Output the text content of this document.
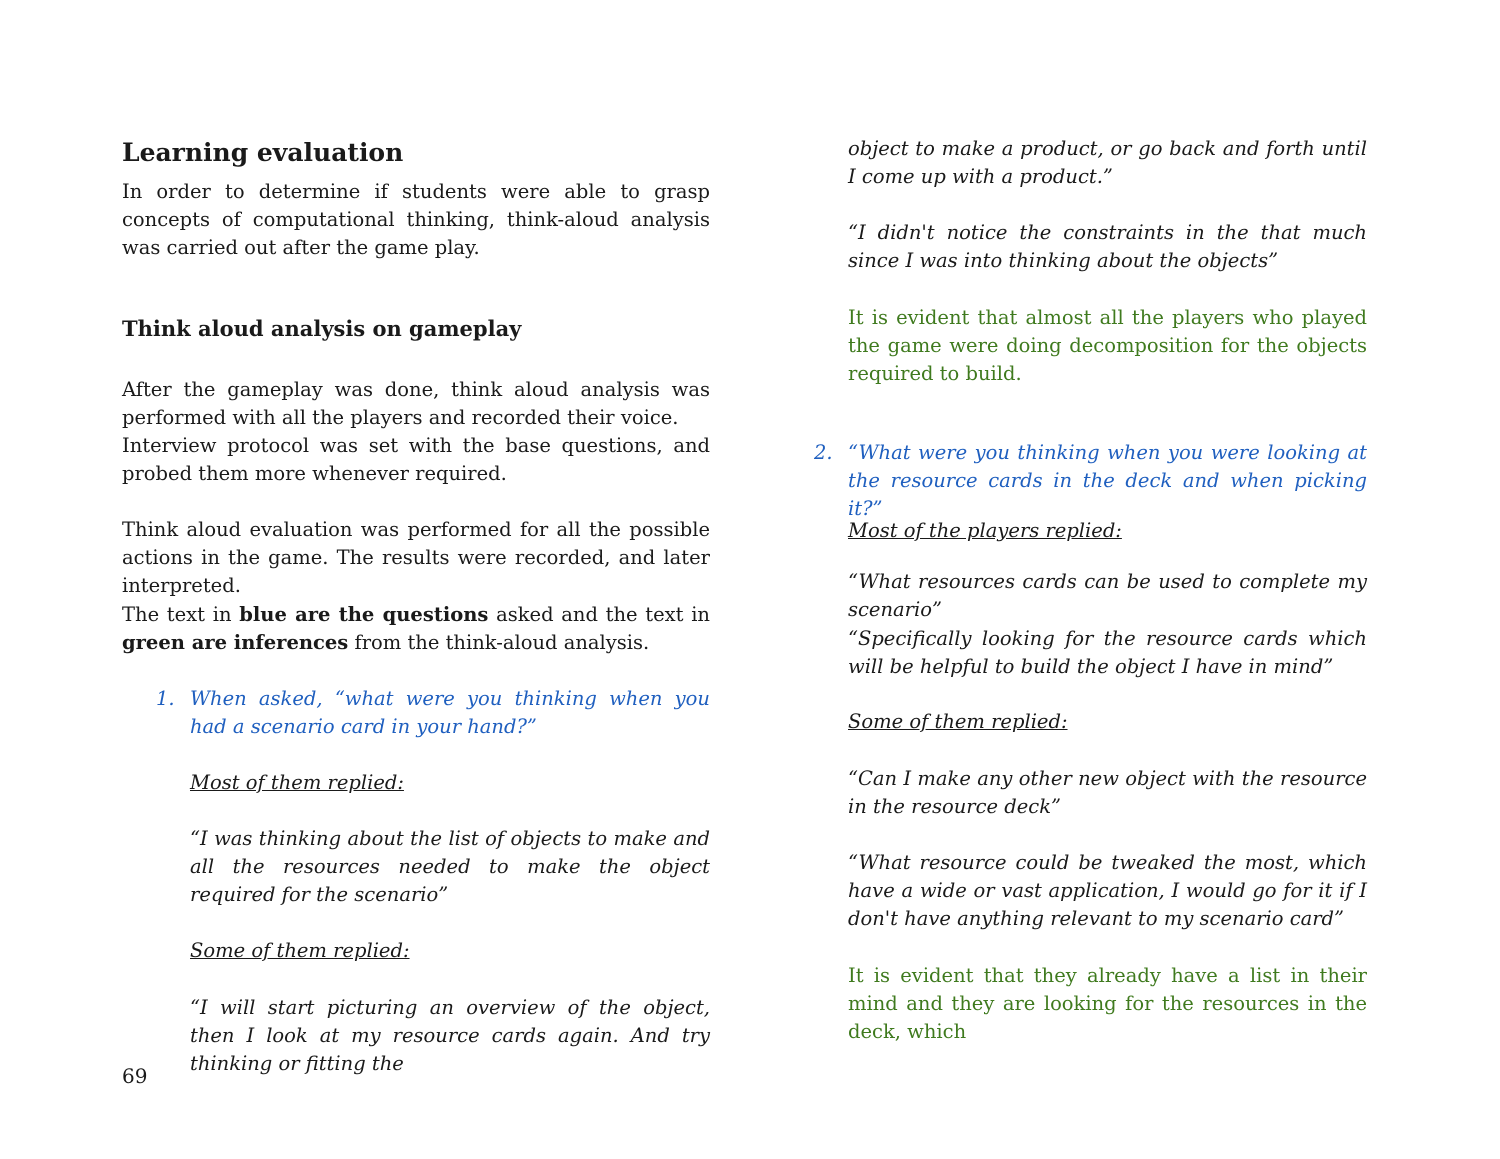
Learning evaluation

In order to determine if students were able to grasp concepts of computational thinking, think-aloud analysis was carried out after the game play.

Think aloud analysis on gameplay

After the gameplay was done, think aloud analysis was performed with all the players and recorded their voice.

Interview protocol was set with the base questions, and probed them more whenever required.

Think aloud evaluation was performed for all the possible actions in the game. The results were recorded, and later interpreted.

The text in blue are the questions asked and the text in green are inferences from the think-aloud analysis.

1. When asked, “what were you thinking when you had a scenario card in your hand?”

Most of them replied:

“I was thinking about the list of objects to make and all the resources needed to make the object required for the scenario”

Some of them replied:

“I will start picturing an overview of the object, then I look at my resource cards again. And try thinking or fitting the

object to make a product, or go back and forth until I come up with a product.”

“I didn't notice the constraints in the that much since I was into thinking about the objects”

It is evident that almost all the players who played the game were doing decomposition for the objects required to build.

2. “What were you thinking when you were looking at the resource cards in the deck and when picking it?”

Most of the players replied:

“What resources cards can be used to complete my scenario”

“Specifically looking for the resource cards which will be helpful to build the object I have in mind”

Some of them replied:

“Can I make any other new object with the resource in the resource deck”

“What resource could be tweaked the most, which have a wide or vast application, I would go for it if I don't have anything relevant to my scenario card”

It is evident that they already have a list in their mind and they are looking for the resources in the deck, which

69
